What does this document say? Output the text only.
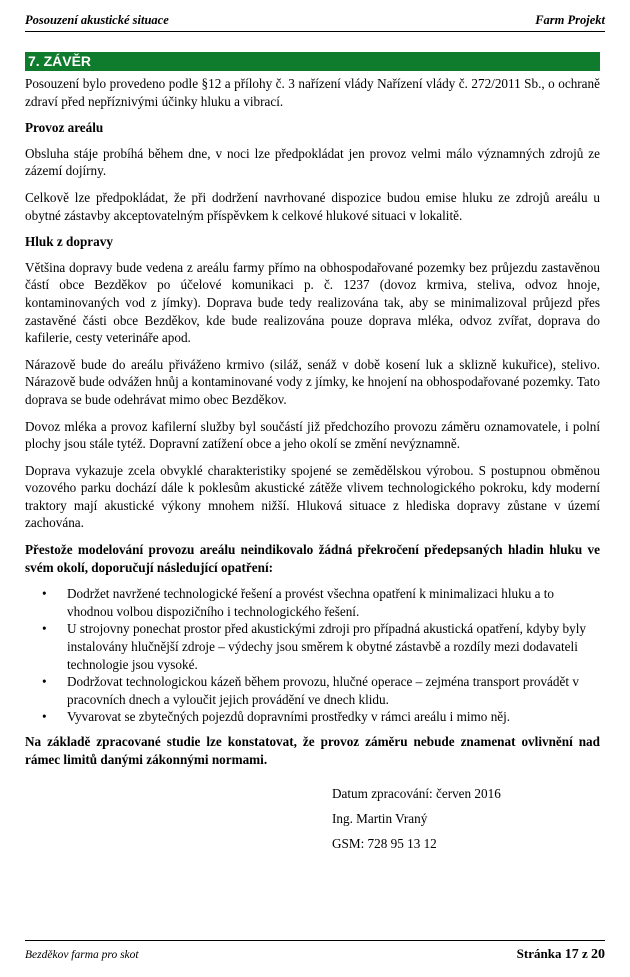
Posouzení akustické situace	Farm Projekt
7. ZÁVĚR

Posouzení bylo provedeno podle §12 a přílohy č. 3 nařízení vlády Nařízení vlády č. 272/2011 Sb., o ochraně zdraví před nepříznivými účinky hluku a vibrací.

Provoz areálu

Obsluha stáje probíhá během dne, v noci lze předpokládat jen provoz velmi málo významných zdrojů ze zázemí dojírny.

Celkově lze předpokládat, že při dodržení navrhované dispozice budou emise hluku ze zdrojů areálu u obytné zástavby akceptovatelným příspěvkem k celkové hlukové situaci v lokalitě.

Hluk z dopravy

Většina dopravy bude vedena z areálu farmy přímo na obhospodařované pozemky bez průjezdu zastavěnou částí obce Bezděkov po účelové komunikaci p. č. 1237 (dovoz krmiva, steliva, odvoz hnoje, kontaminovaných vod z jímky). Doprava bude tedy realizována tak, aby se minimalizoval průjezd přes zastavěné části obce Bezděkov, kde bude realizována pouze doprava mléka, odvoz zvířat, doprava do kafilerie, cesty veterináře apod.

Nárazově bude do areálu přiváženo krmivo (siláž, senáž v době kosení luk a sklizně kukuřice), stelivo. Nárazově bude odvážen hnůj a kontaminované vody z jímky, ke hnojení na obhospodařované pozemky. Tato doprava se bude odehrávat mimo obec Bezděkov.

Dovoz mléka a provoz kafilerní služby byl součástí již předchozího provozu záměru oznamovatele, i polní plochy jsou stále tytéž. Dopravní zatížení obce a jeho okolí se změní nevýznamně.

Doprava vykazuje zcela obvyklé charakteristiky spojené se zemědělskou výrobou. S postupnou obměnou vozového parku dochází dále k poklesům akustické zátěže vlivem technologického pokroku, kdy moderní traktory mají akustické výkony mnohem nižší. Hluková situace z hlediska dopravy zůstane v území zachována.

Přestože modelování provozu areálu neindikovalo žádná překročení předepsaných hladin hluku ve svém okolí, doporučují následující opatření:

• Dodržet navržené technologické řešení a provést všechna opatření k minimalizaci hluku a to vhodnou volbou dispozičního i technologického řešení.
• U strojovny ponechat prostor před akustickými zdroji pro případná akustická opatření, kdyby byly instalovány hlučnější zdroje – výdechy jsou směrem k obytné zástavbě a rozdíly mezi dodavateli technologie jsou vysoké.
• Dodržovat technologickou kázeň během provozu, hlučné operace – zejména transport provádět v pracovních dnech a vyloučit jejich provádění ve dnech klidu.
• Vyvarovat se zbytečných pojezdů dopravními prostředky v rámci areálu i mimo něj.

Na základě zpracované studie lze konstatovat, že provoz záměru nebude znamenat ovlivnění nad rámec limitů danými zákonnými normami.

Datum zpracování: červen 2016
Ing. Martin Vraný
GSM: 728 95 13 12
Bezděkov farma pro skot	Stránka 17 z 20
